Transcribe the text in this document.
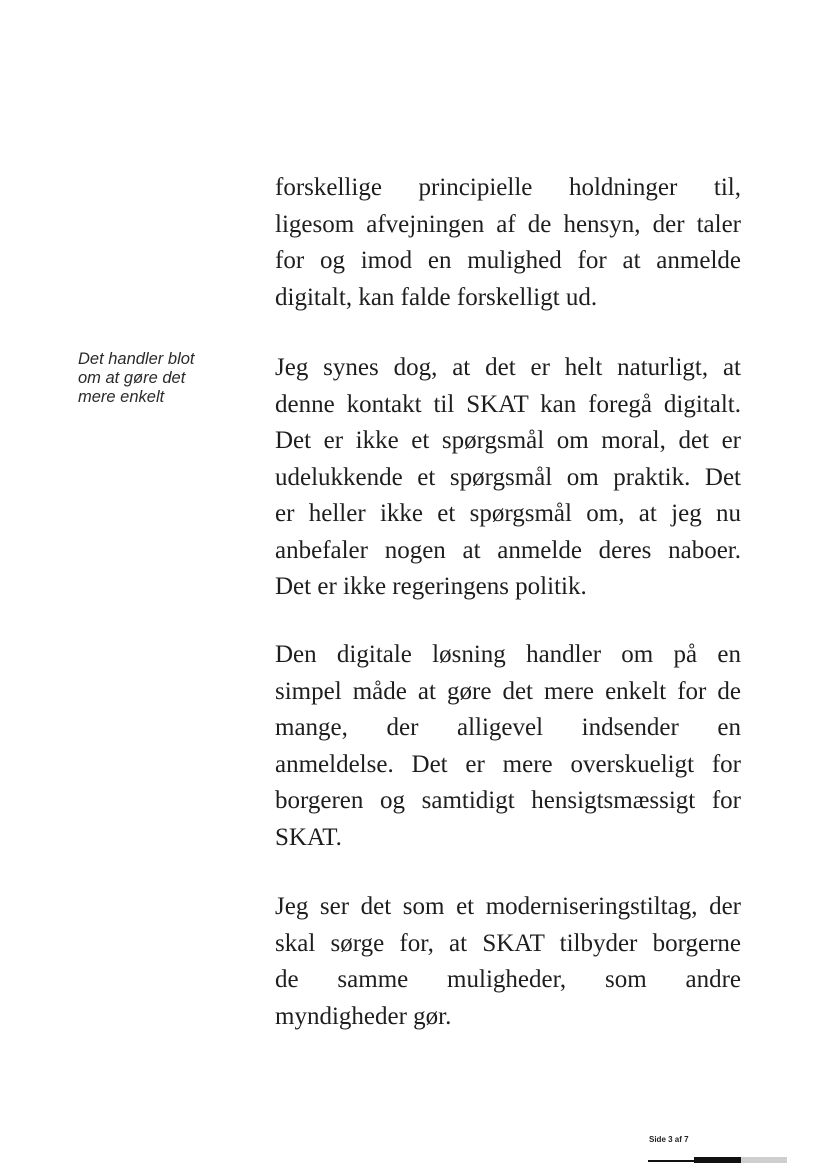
Det handler blot
om at gøre det
mere enkelt
forskellige principielle holdninger til,
ligesom afvejningen af de hensyn, der taler
for og imod en mulighed for at anmelde
digitalt, kan falde forskelligt ud.
Jeg synes dog, at det er helt naturligt, at
denne kontakt til SKAT kan foregå digitalt.
Det er ikke et spørgsmål om moral, det er
udelukkende et spørgsmål om praktik. Det
er heller ikke et spørgsmål om, at jeg nu
anbefaler nogen at anmelde deres naboer.
Det er ikke regeringens politik.
Den digitale løsning handler om på en
simpel måde at gøre det mere enkelt for de
mange, der alligevel indsender en
anmeldelse. Det er mere overskueligt for
borgeren og samtidigt hensigtsmæssigt for
SKAT.
Jeg ser det som et moderniseringstiltag, der
skal sørge for, at SKAT tilbyder borgerne
de samme muligheder, som andre
myndigheder gør.
Side 3 af 7
